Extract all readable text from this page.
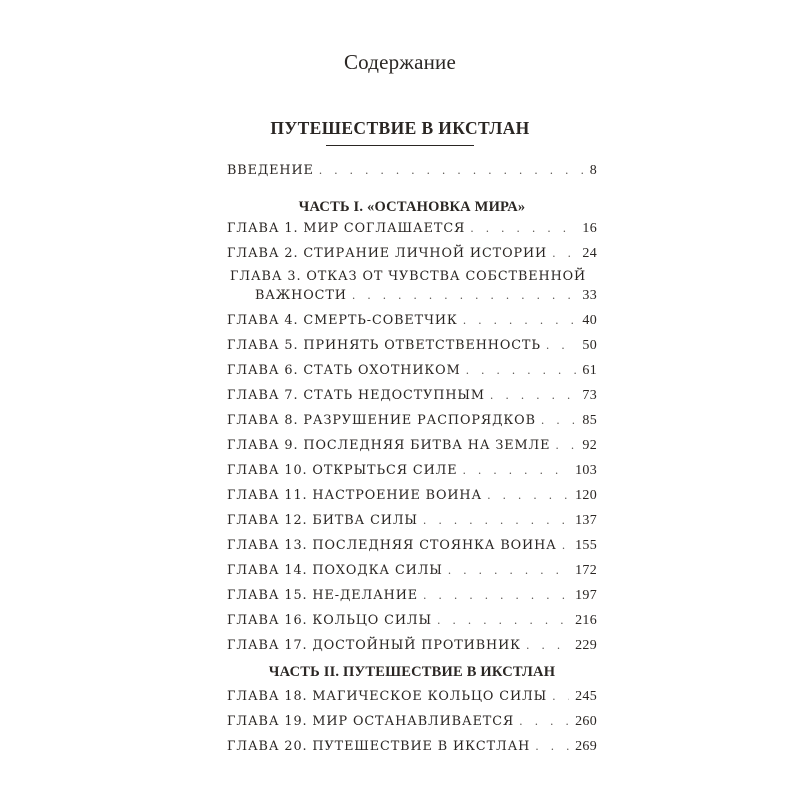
Содержание
ПУТЕШЕСТВИЕ В ИКСТЛАН
ВВЕДЕНИЕ . . .	8
ЧАСТЬ I. «ОСТАНОВКА МИРА»
ГЛАВА 1. МИР СОГЛАШАЕТСЯ . . .	16
ГЛАВА 2. СТИРАНИЕ ЛИЧНОЙ ИСТОРИИ . . .	24
ГЛАВА 3. ОТКАЗ ОТ ЧУВСТВА СОБСТВЕННОЙ
ВАЖНОСТИ . . .	33
ГЛАВА 4. СМЕРТЬ-СОВЕТЧИК . . .	40
ГЛАВА 5. ПРИНЯТЬ ОТВЕТСТВЕННОСТЬ . . .	50
ГЛАВА 6. СТАТЬ ОХОТНИКОМ . . .	61
ГЛАВА 7. СТАТЬ НЕДОСТУПНЫМ . . .	73
ГЛАВА 8. РАЗРУШЕНИЕ РАСПОРЯДКОВ . . .	85
ГЛАВА 9. ПОСЛЕДНЯЯ БИТВА НА ЗЕМЛЕ . . . 92
ГЛАВА 10. ОТКРЫТЬСЯ СИЛЕ . . .	103
ГЛАВА 11. НАСТРОЕНИЕ ВОИНА . . .	120
ГЛАВА 12. БИТВА СИЛЫ . . .	137
ГЛАВА 13. ПОСЛЕДНЯЯ СТОЯНКА ВОИНА . . . 155
ГЛАВА 14. ПОХОДКА СИЛЫ . . .	172
ГЛАВА 15. НЕ-ДЕЛАНИЕ . . .	197
ГЛАВА 16. КОЛЬЦО СИЛЫ . . .	216
ГЛАВА 17. ДОСТОЙНЫЙ ПРОТИВНИК . . .	229
ЧАСТЬ II. ПУТЕШЕСТВИЕ В ИКСТЛАН
ГЛАВА 18. МАГИЧЕСКОЕ КОЛЬЦО СИЛЫ . . . 245
ГЛАВА 19. МИР ОСТАНАВЛИВАЕТСЯ . . .	260
ГЛАВА 20. ПУТЕШЕСТВИЕ В ИКСТЛАН . . .	269
